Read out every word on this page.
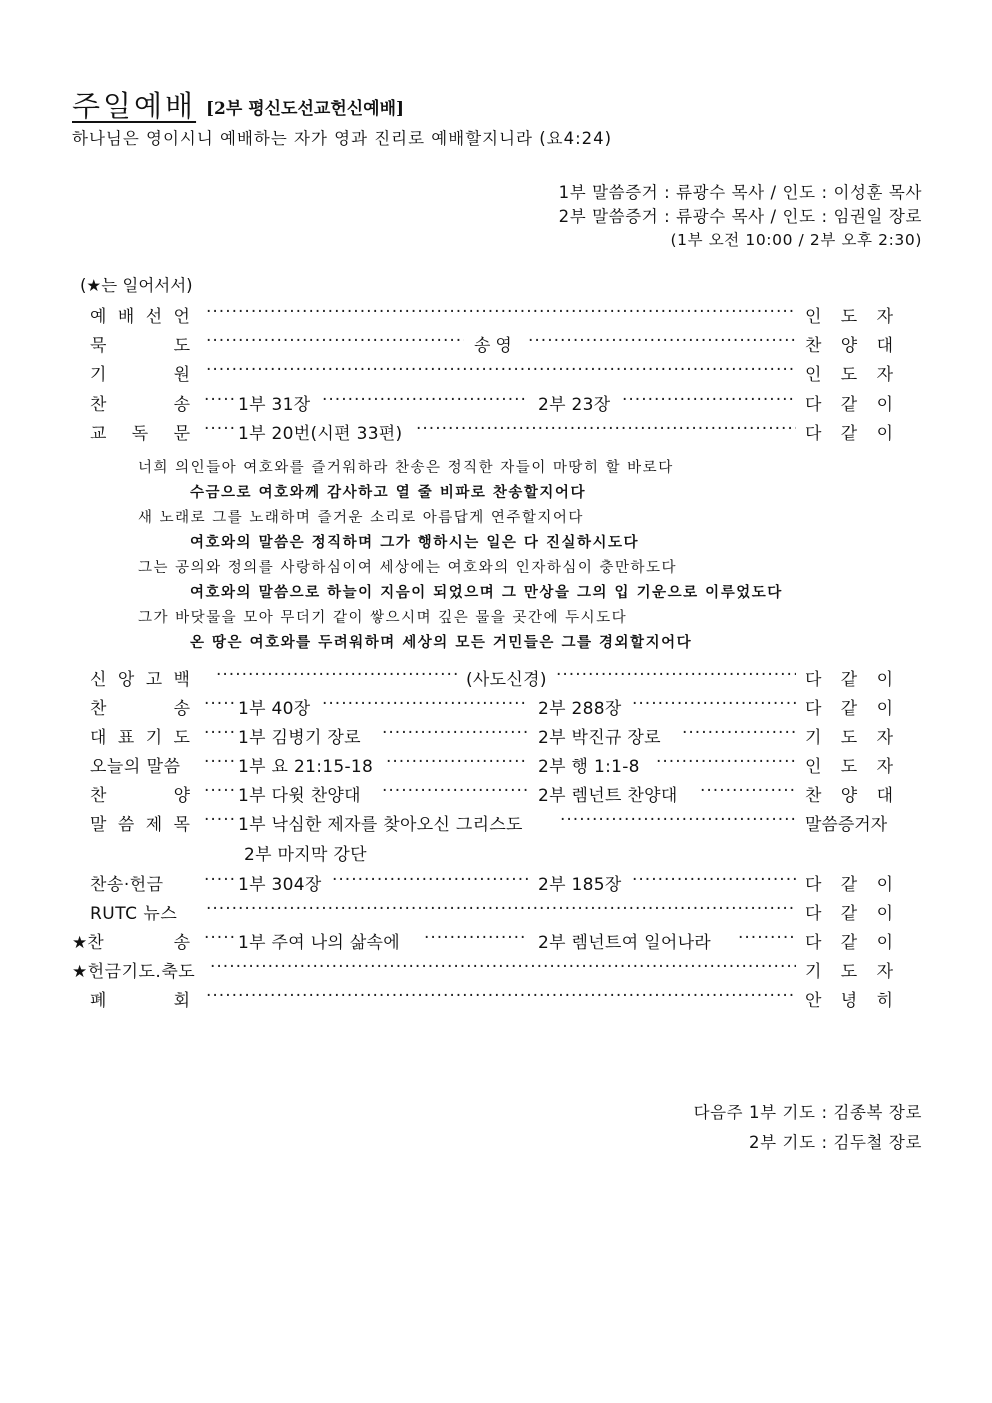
주일예배 [2부 평신도선교헌신예배]
하나님은 영이시니 예배하는 자가 영과 진리로 예배할지니라 (요4:24)
1부 말씀증거 : 류광수 목사 / 인도 : 이성훈 목사
2부 말씀증거 : 류광수 목사 / 인도 : 임권일 장로
(1부 오전 10:00 / 2부 오후 2:30)
(★는 일어서서)
예 배 선 언 ·····	인 도 자
묵	도 ·····	송영 ·····	찬 양 대
기	원 ·····	인 도 자
찬	송 ·····	1부 31장 ·····	2부 23장 ·····	다 같 이
교 독 문 ·····	1부 20번(시편 33편) ·····	다 같 이
너희 의인들아 여호와를 즐거워하라 찬송은 정직한 자들이 마땅히 할 바로다
수금으로 여호와께 감사하고 열 줄 비파로 찬송할지어다
새 노래로 그를 노래하며 즐거운 소리로 아름답게 연주할지어다
여호와의 말씀은 정직하며 그가 행하시는 일은 다 진실하시도다
그는 공의와 정의를 사랑하심이여 세상에는 여호와의 인자하심이 충만하도다
여호와의 말씀으로 하늘이 지음이 되었으며 그 만상을 그의 입 기운으로 이루었도다
그가 바닷물을 모아 무더기 같이 쌓으시며 깊은 물을 곳간에 두시도다
온 땅은 여호와를 두려워하며 세상의 모든 거민들은 그를 경외할지어다
신 앙 고 백 ·····	(사도신경) ·····	다 같 이
찬	송 ·····	1부 40장 ·····	2부 288장 ·····	다 같 이
대 표 기 도 ·····	1부 김병기 장로 ·····	2부 박진규 장로 ·····	기 도 자
오늘의 말씀 ·····	1부 요 21:15-18 ·····	2부 행 1:1-8 ·····	인 도 자
찬	양 ·····	1부 다윗 찬양대 ·····	2부 렘넌트 찬양대 ·····	찬 양 대
말 씀 제 목 ·····	1부 낙심한 제자를 찾아오신 그리스도 ·····	말씀증거자
2부 마지막 강단
찬송·헌금 ·····	1부 304장 ·····	2부 185장 ·····	다 같 이
RUTC 뉴스 ·····	다 같 이
★찬	송 ·····	1부 주여 나의 삶속에 ·····	2부 렘넌트여 일어나라 ·····	다 같 이
★헌금기도.축도 ·····	기 도 자
폐	회 ·····	안 녕 히
다음주 1부 기도 : 김종복 장로
2부 기도 : 김두철 장로
